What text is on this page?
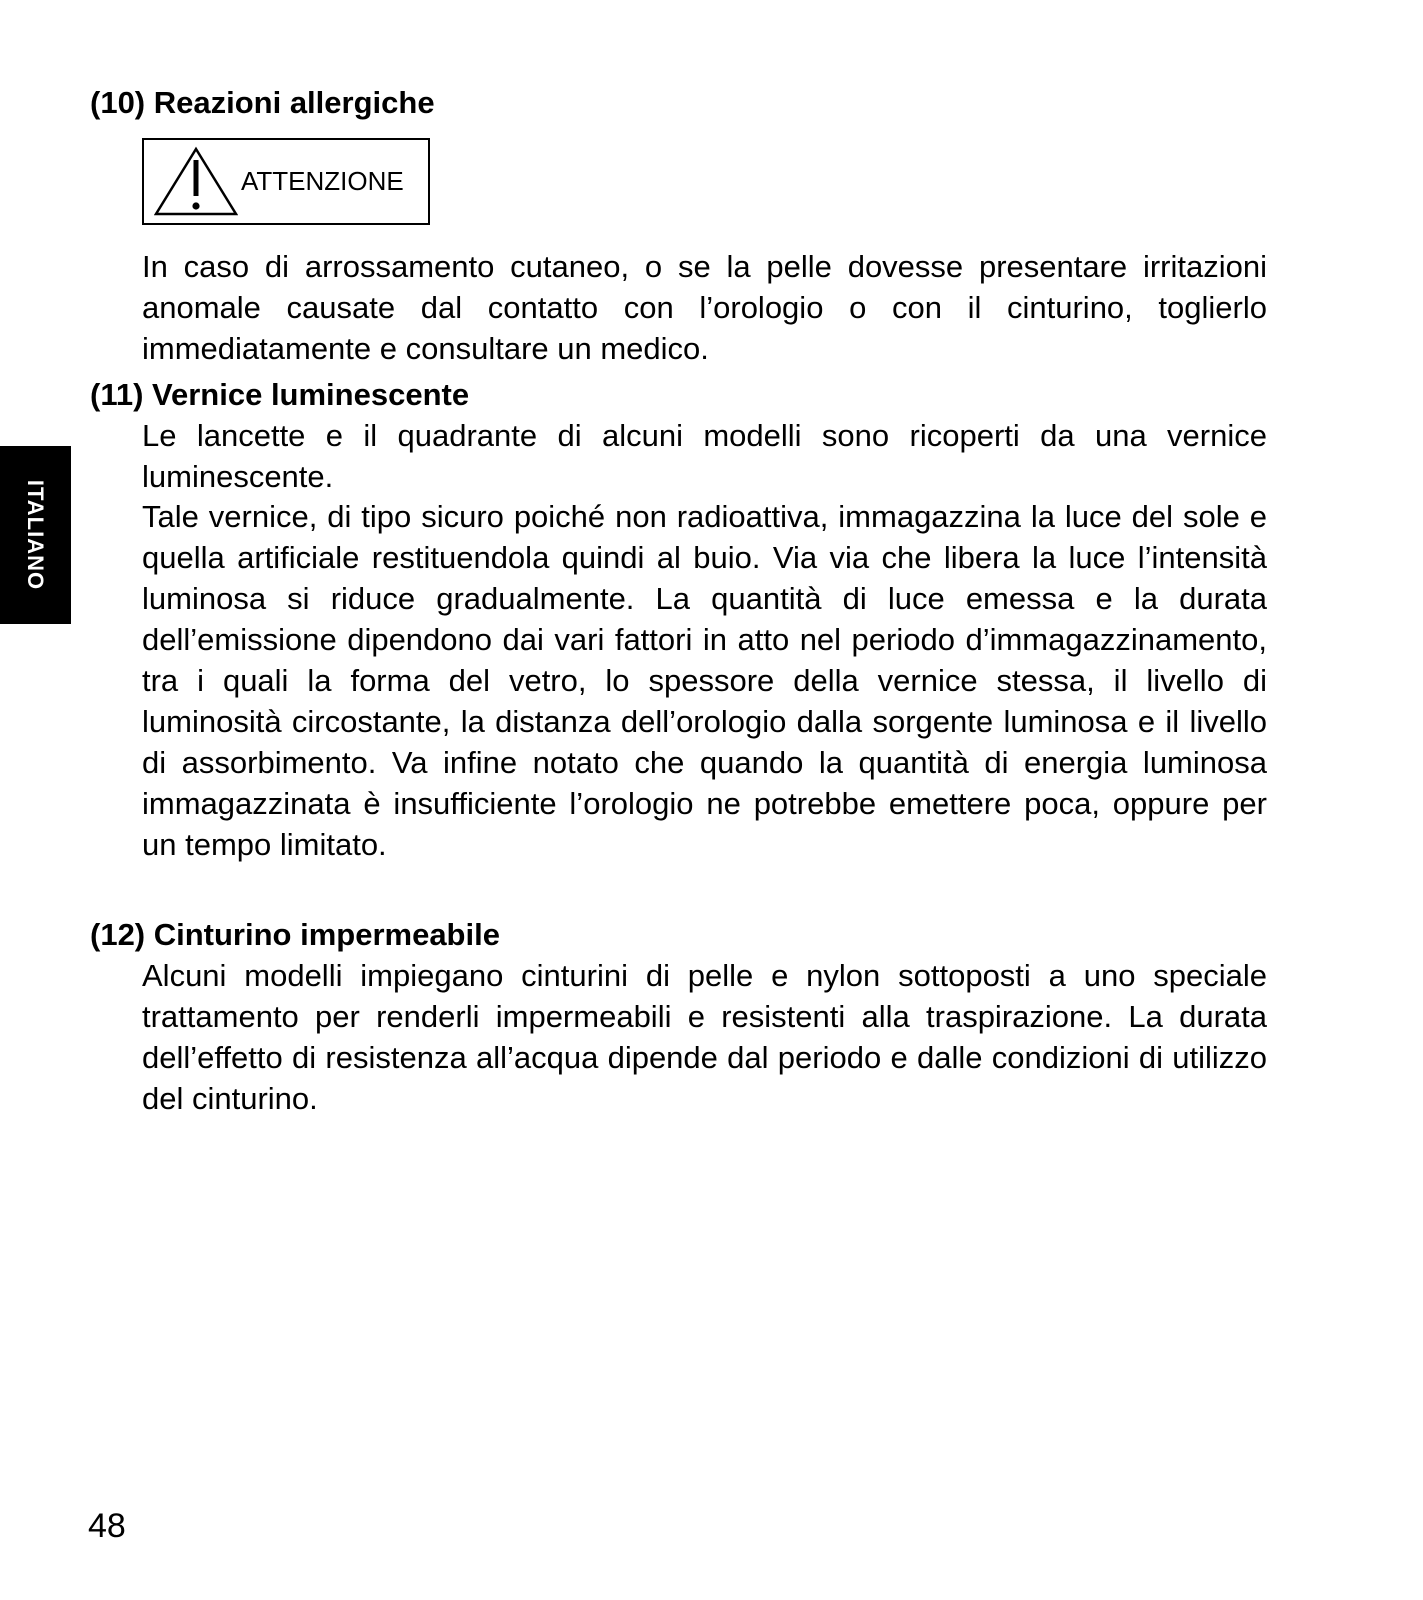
ITALIANO
(10) Reazioni allergiche
ATTENZIONE
In caso di arrossamento cutaneo, o se la pelle dovesse presentare irritazioni anomale causate dal contatto con l’orologio o con il cinturino, toglierlo immediatamente e consultare un medico.
(11) Vernice luminescente
Le lancette e il quadrante di alcuni modelli sono ricoperti da una vernice luminescente.
Tale vernice, di tipo sicuro poiché non radioattiva, immagazzina la luce del sole e quella artificiale restituendola quindi al buio. Via via che libera la luce l’intensità luminosa si riduce gradualmente. La quantità di luce emessa e la durata dell’emissione dipendono dai vari fattori in atto nel periodo d’immagazzinamento, tra i quali la forma del vetro, lo spessore della vernice stessa, il livello di luminosità circostante, la distanza dell’orologio dalla sorgente luminosa e il livello di assorbimento. Va infine notato che quando la quantità di energia luminosa immagazzinata è insufficiente l’orologio ne potrebbe emettere poca, oppure per un tempo limitato.
(12) Cinturino impermeabile
Alcuni modelli impiegano cinturini di pelle e nylon sottoposti a uno speciale trattamento per renderli impermeabili e resistenti alla traspirazione. La durata dell’effetto di resistenza all’acqua dipende dal periodo e dalle condizioni di utilizzo del cinturino.
48
